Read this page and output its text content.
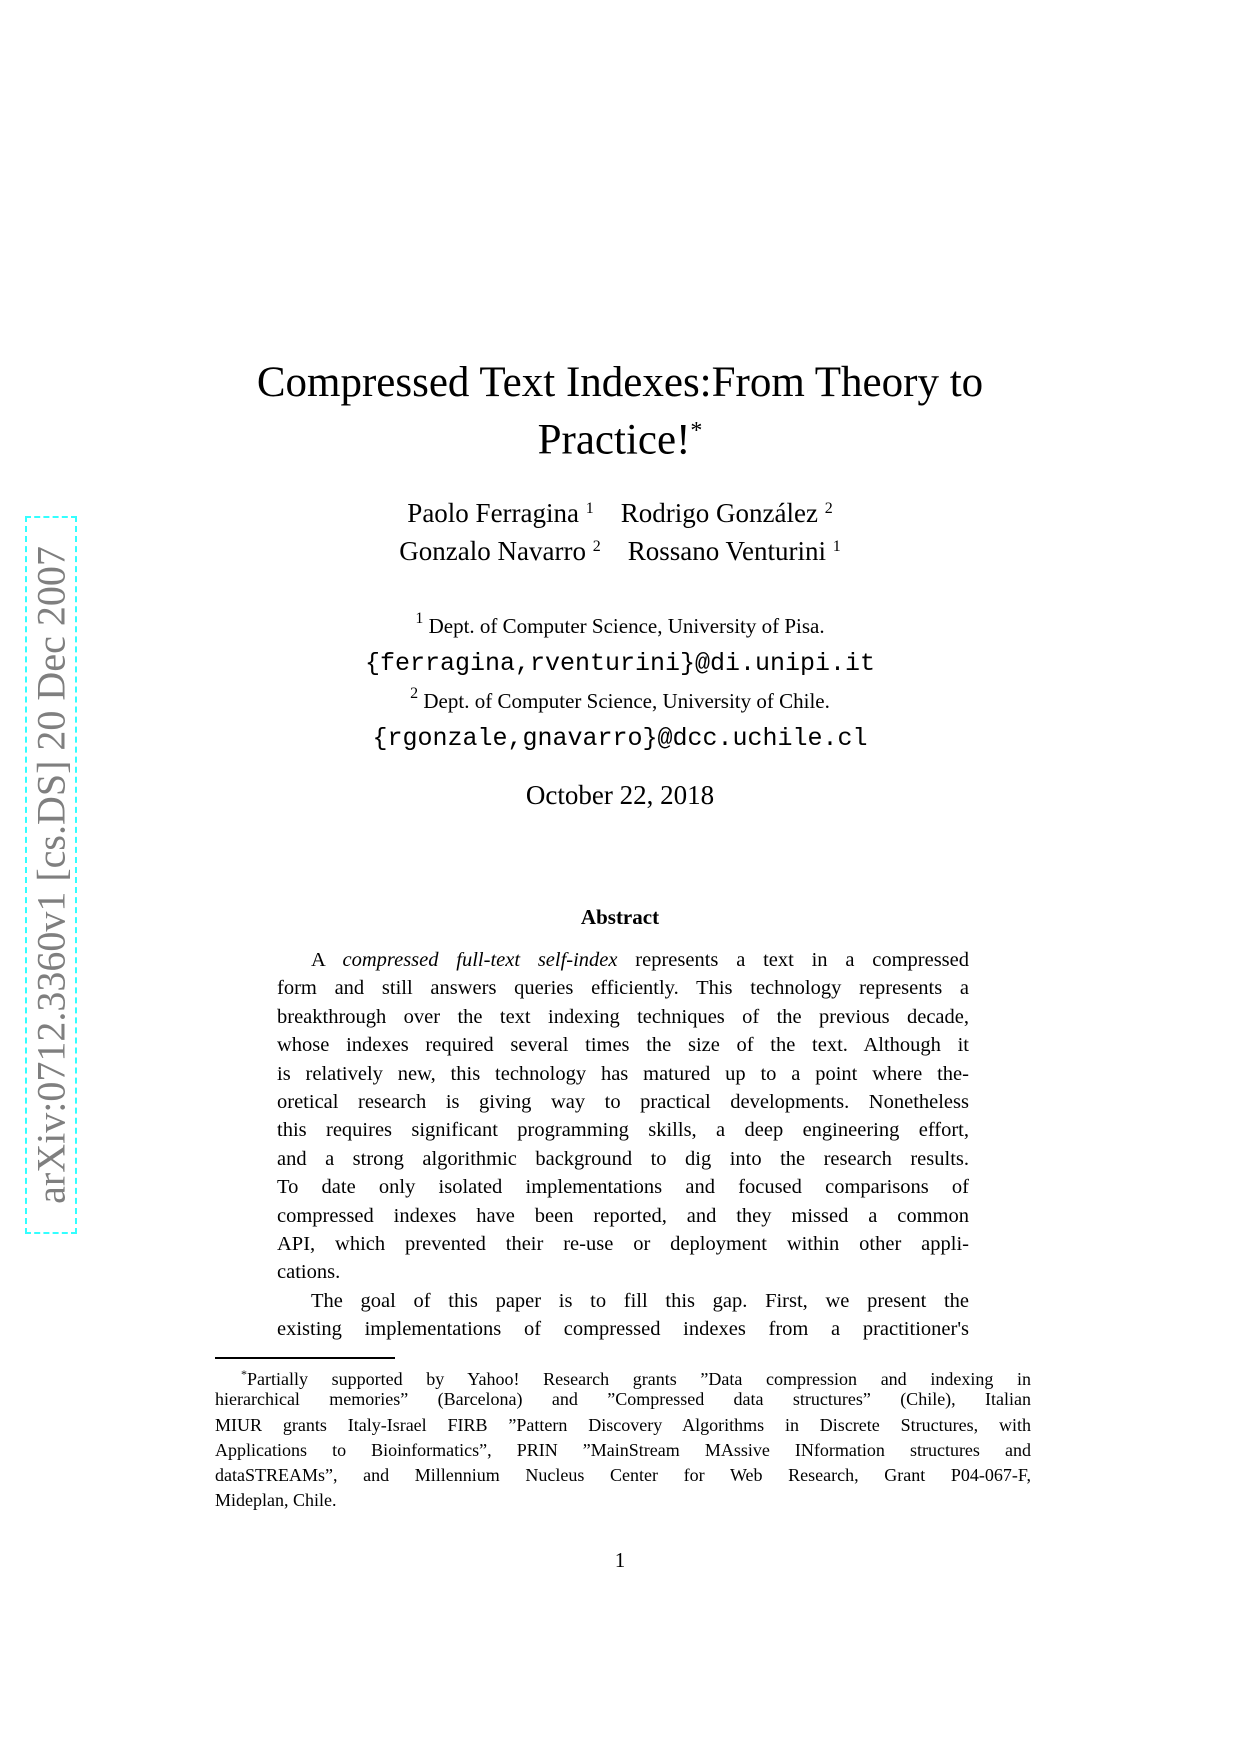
arXiv:0712.3360v1 [cs.DS] 20 Dec 2007
Compressed Text Indexes:From Theory to
Practice!*
Paolo Ferragina $^1$ Rodrigo González $^2$
Gonzalo Navarro $^2$ Rossano Venturini $^1$
$^1$ Dept. of Computer Science, University of Pisa.
{ferragina,rventurini}@di.unipi.it
$^2$ Dept. of Computer Science, University of Chile.
{rgonzale,gnavarro}@dcc.uchile.cl
October 22, 2018
Abstract
A compressed full-text self-index represents a text in a compressed
form and still answers queries efficiently. This technology represents a
breakthrough over the text indexing techniques of the previous decade,
whose indexes required several times the size of the text. Although it
is relatively new, this technology has matured up to a point where the-
oretical research is giving way to practical developments. Nonetheless
this requires significant programming skills, a deep engineering effort,
and a strong algorithmic background to dig into the research results.
To date only isolated implementations and focused comparisons of
compressed indexes have been reported, and they missed a common
API, which prevented their re-use or deployment within other appli-
cations.
The goal of this paper is to fill this gap. First, we present the
existing implementations of compressed indexes from a practitioner's
*Partially supported by Yahoo! Research grants ”Data compression and indexing in
hierarchical memories” (Barcelona) and ”Compressed data structures” (Chile), Italian
MIUR grants Italy-Israel FIRB ”Pattern Discovery Algorithms in Discrete Structures, with
Applications to Bioinformatics”, PRIN ”MainStream MAssive INformation structures and
dataSTREAMs”, and Millennium Nucleus Center for Web Research, Grant P04-067-F,
Mideplan, Chile.
1
